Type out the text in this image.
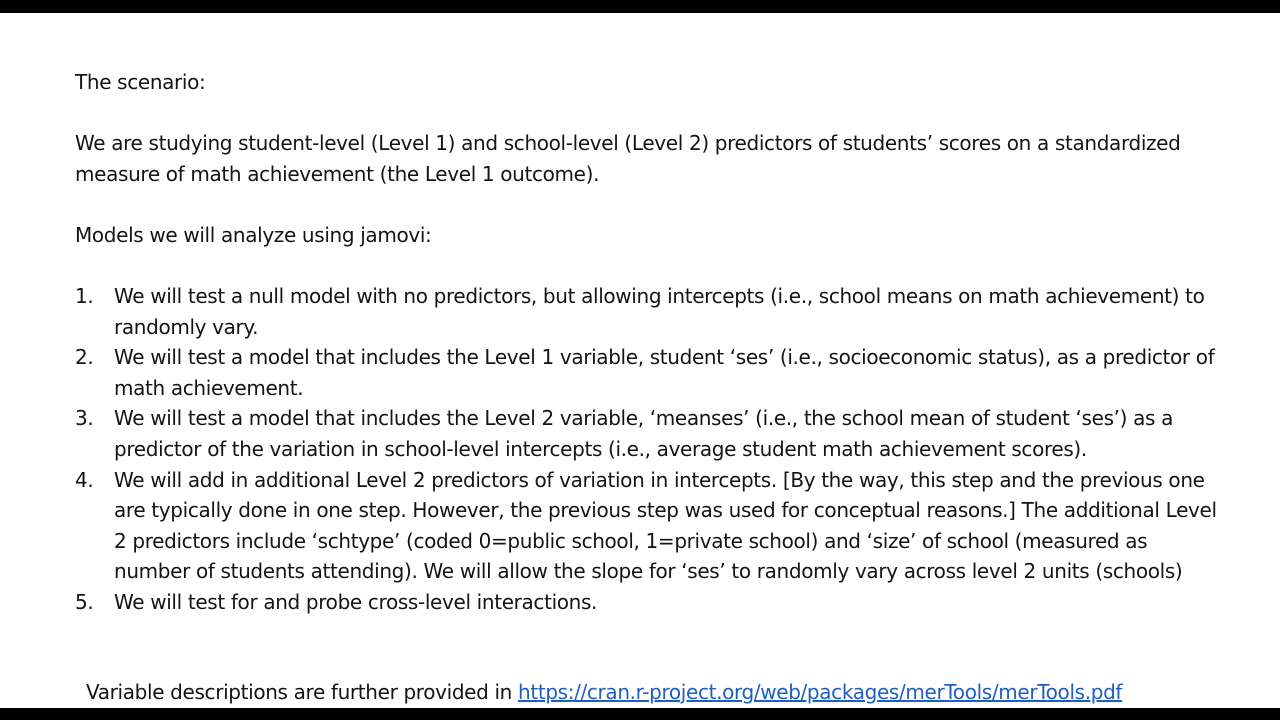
The scenario:

We are studying student-level (Level 1) and school-level (Level 2) predictors of students’ scores on a standardized measure of math achievement (the Level 1 outcome).

Models we will analyze using jamovi:

1. We will test a null model with no predictors, but allowing intercepts (i.e., school means on math achievement) to randomly vary.
2. We will test a model that includes the Level 1 variable, student ‘ses’ (i.e., socioeconomic status), as a predictor of math achievement.
3. We will test a model that includes the Level 2 variable, ‘meanses’ (i.e., the school mean of student ‘ses’) as a predictor of the variation in school-level intercepts (i.e., average student math achievement scores).
4. We will add in additional Level 2 predictors of variation in intercepts. [By the way, this step and the previous one are typically done in one step. However, the previous step was used for conceptual reasons.] The additional Level 2 predictors include ‘schtype’ (coded 0=public school, 1=private school) and ‘size’ of school (measured as number of students attending). We will allow the slope for ‘ses’ to randomly vary across level 2 units (schools)
5. We will test for and probe cross-level interactions.
Variable descriptions are further provided in https://cran.r-project.org/web/packages/merTools/merTools.pdf
